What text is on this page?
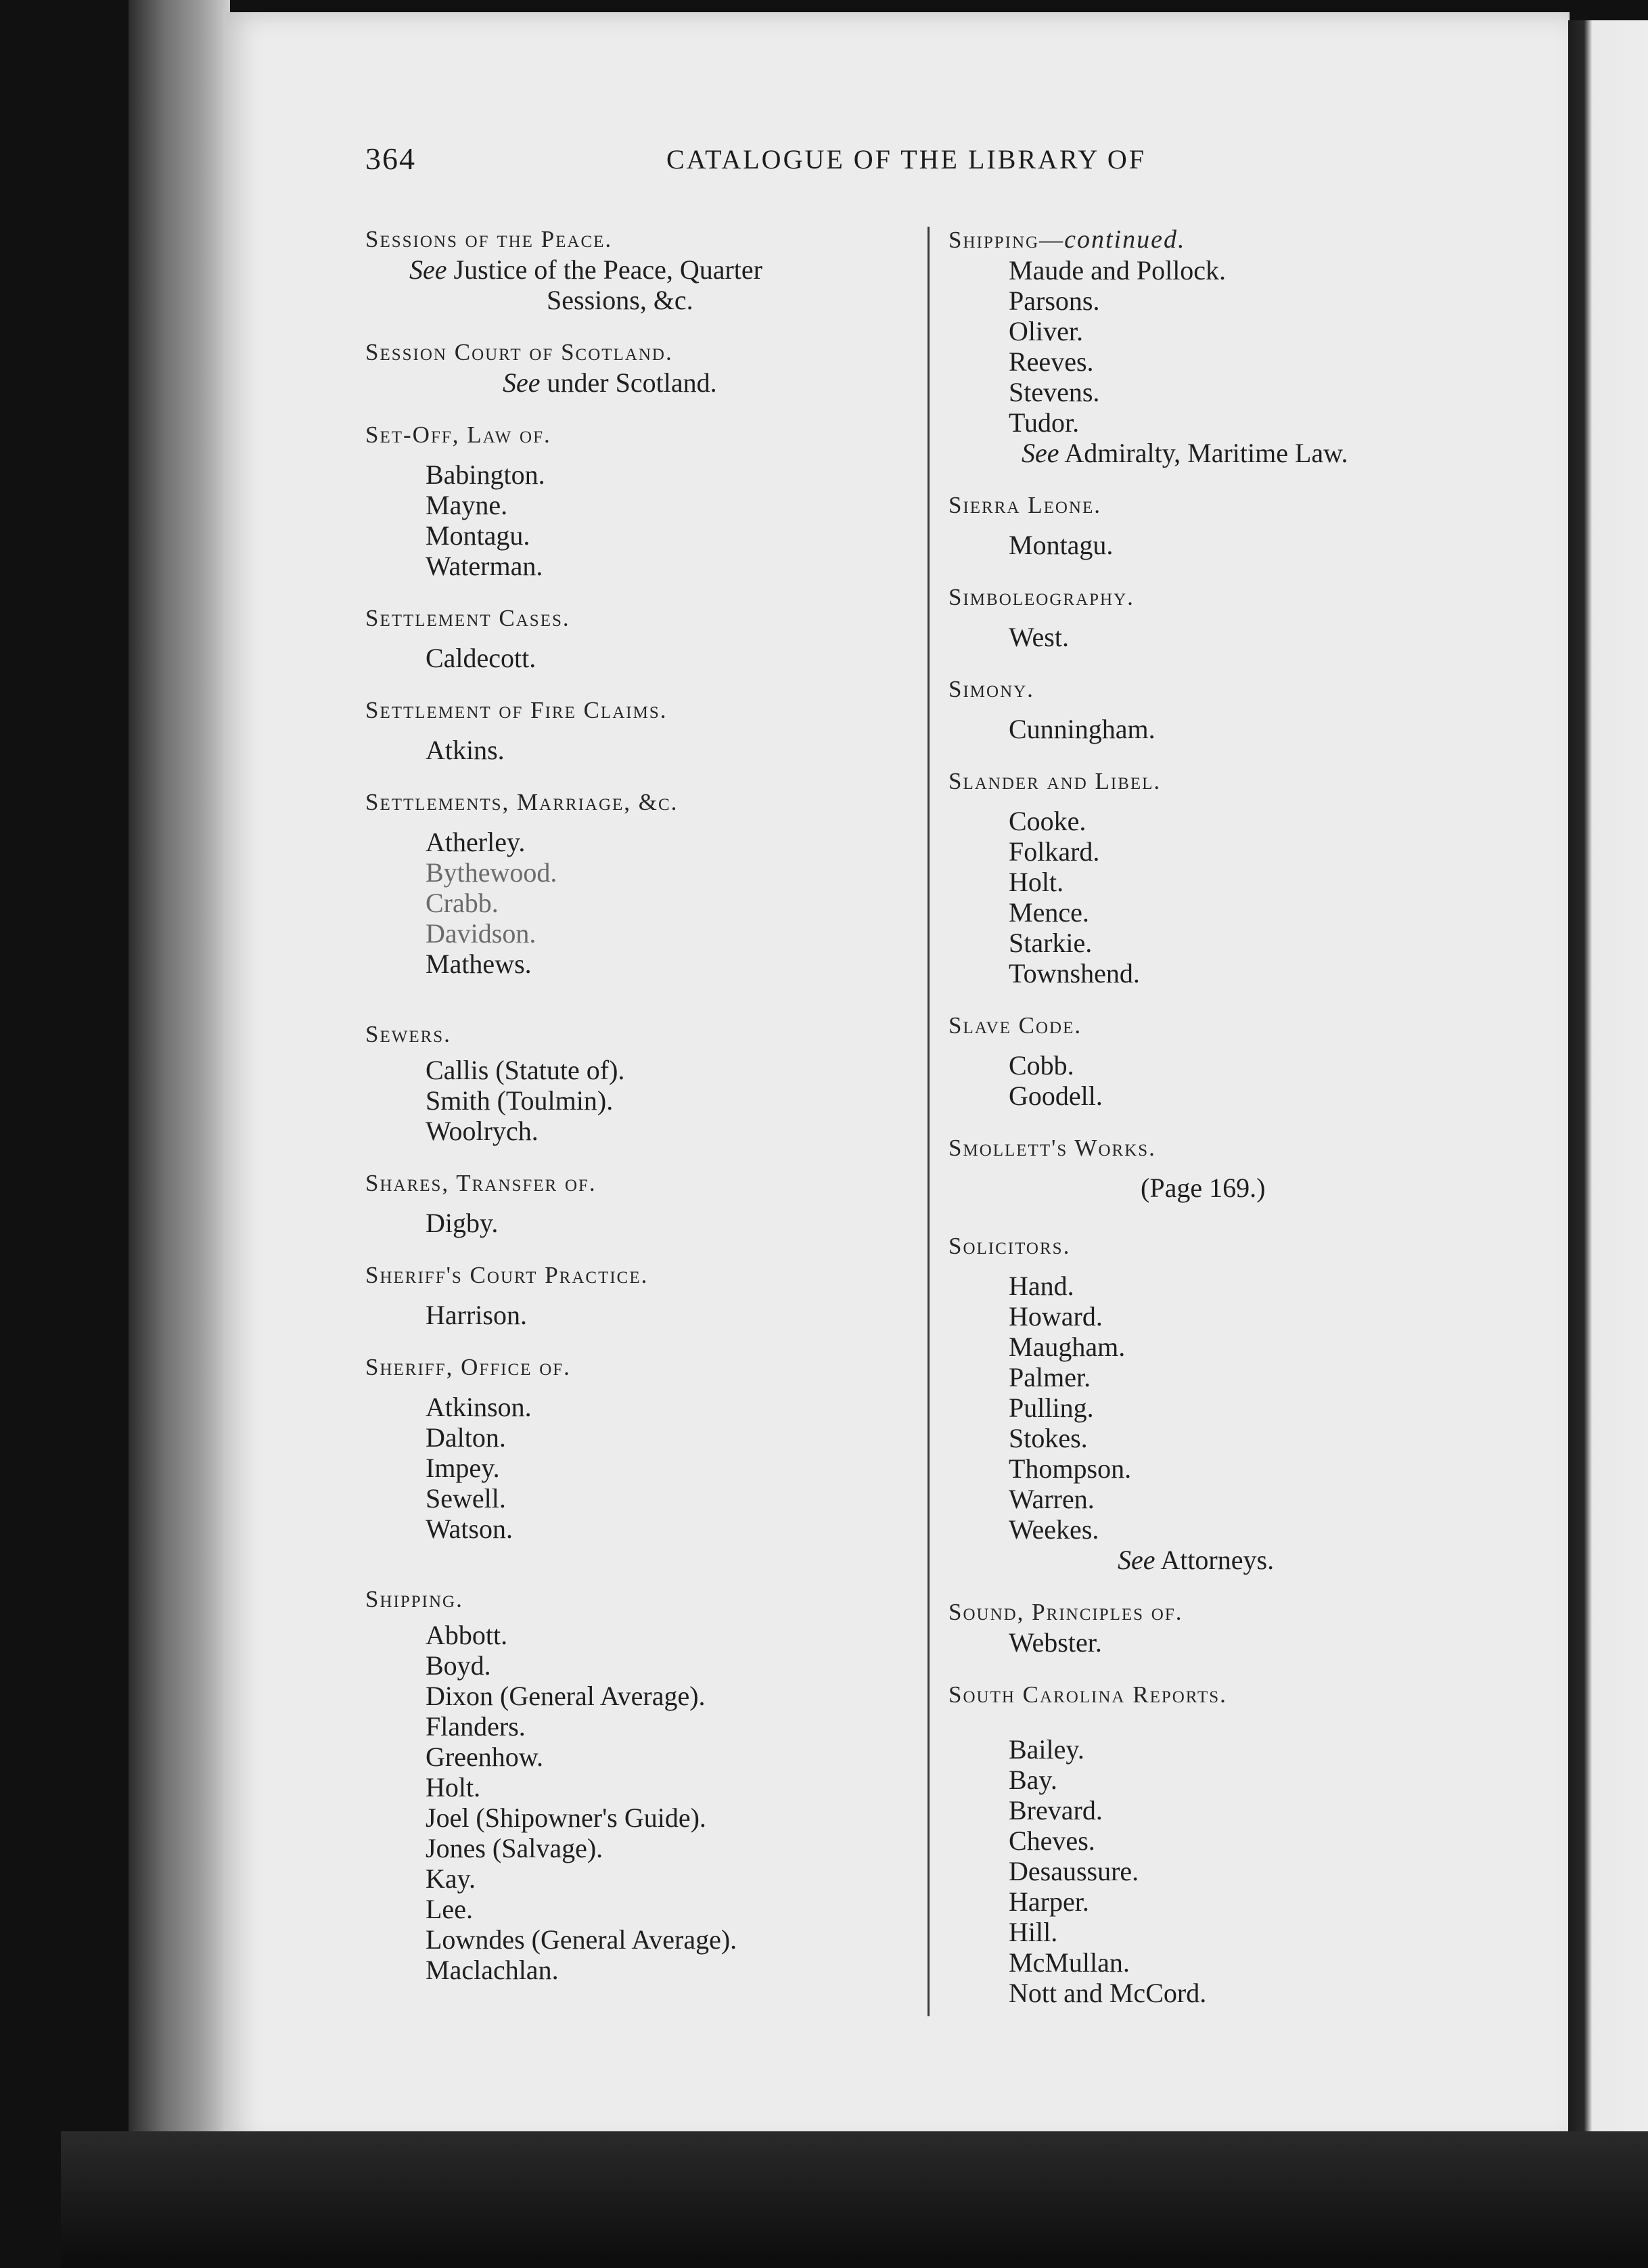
364	CATALOGUE OF THE LIBRARY OF
Sessions of the Peace.
See Justice of the Peace, Quarter
Sessions, &c.
Session Court of Scotland.
See under Scotland.
Set-Off, Law of.
Babington.
Mayne.
Montagu.
Waterman.
Settlement Cases.
Caldecott.
Settlement of Fire Claims.
Atkins.
Settlements, Marriage, &c.
Atherley.
Bythewood.
Crabb.
Davidson.
Mathews.
Sewers.
Callis (Statute of).
Smith (Toulmin).
Woolrych.
Shares, Transfer of.
Digby.
Sheriff's Court Practice.
Harrison.
Sheriff, Office of.
Atkinson.
Dalton.
Impey.
Sewell.
Watson.
Shipping.
Abbott.
Boyd.
Dixon (General Average).
Flanders.
Greenhow.
Holt.
Joel (Shipowner's Guide).
Jones (Salvage).
Kay.
Lee.
Lowndes (General Average).
Maclachlan.
Shipping—continued.
Maude and Pollock.
Parsons.
Oliver.
Reeves.
Stevens.
Tudor.
See Admiralty, Maritime Law.
Sierra Leone.
Montagu.
Simboleography.
West.
Simony.
Cunningham.
Slander and Libel.
Cooke.
Folkard.
Holt.
Mence.
Starkie.
Townshend.
Slave Code.
Cobb.
Goodell.
Smollett's Works.
(Page 169.)
Solicitors.
Hand.
Howard.
Maugham.
Palmer.
Pulling.
Stokes.
Thompson.
Warren.
Weekes.
See Attorneys.
Sound, Principles of.
Webster.
South Carolina Reports.
Bailey.
Bay.
Brevard.
Cheves.
Desaussure.
Harper.
Hill.
McMullan.
Nott and McCord.
